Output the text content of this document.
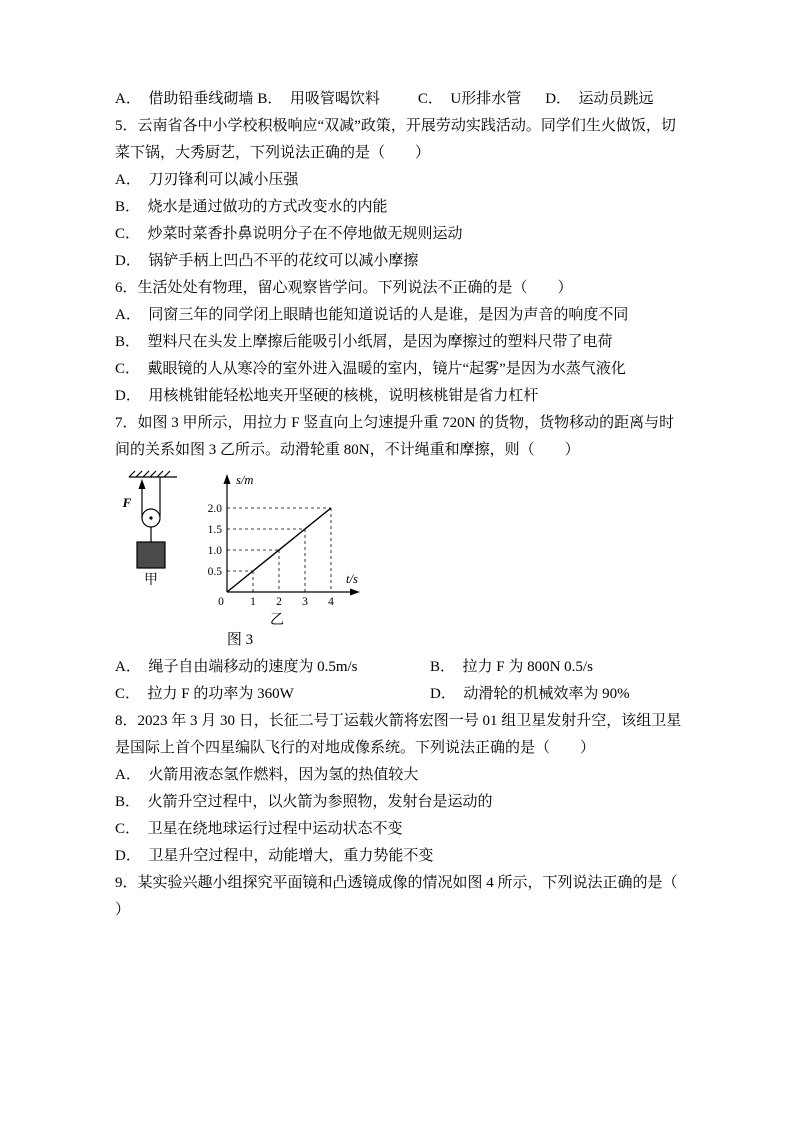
A．  借助铅垂线砌墙 B．  用吸管喝饮料	C．  U形排水管 D．  运动员跳远
5．云南省各中小学校积极响应“双减”政策，开展劳动实践活动。同学们生火做饭，切菜下锅，大秀厨艺，下列说法正确的是（　　）
A．  刀刃锋利可以减小压强
B．  烧水是通过做功的方式改变水的内能
C．  炒菜时菜香扑鼻说明分子在不停地做无规则运动
D．  锅铲手柄上凹凸不平的花纹可以减小摩擦
6．生活处处有物理，留心观察皆学问。下列说法不正确的是（　　）
A．  同窗三年的同学闭上眼睛也能知道说话的人是谁，是因为声音的响度不同
B．  塑料尺在头发上摩擦后能吸引小纸屑，是因为摩擦过的塑料尺带了电荷
C．  戴眼镜的人从寒冷的室外进入温暖的室内，镜片“起雾”是因为水蒸气液化
D．  用核桃钳能轻松地夹开坚硬的核桃，说明核桃钳是省力杠杆
7．如图 3 甲所示，用拉力 F 竖直向上匀速提升重 720N 的货物，货物移动的距离与时间的关系如图 3 乙所示。动滑轮重 80N，不计绳重和摩擦，则（　　）
F
甲
s/m
t/s
2.0
1.5
1.0
0.5
0 1 2 3 4
乙
图 3
A．  绳子自由端移动的速度为 0.5m/s	B．  拉力 F 为 800N 0.5/s
C．  拉力 F 的功率为 360W	D．  动滑轮的机械效率为 90%
8．2023 年 3 月 30 日，长征二号丁运载火箭将宏图一号 01 组卫星发射升空，该组卫星是国际上首个四星编队飞行的对地成像系统。下列说法正确的是（　　）
A．  火箭用液态氢作燃料，因为氢的热值较大
B．  火箭升空过程中，以火箭为参照物，发射台是运动的
C．  卫星在绕地球运行过程中运动状态不变
D．  卫星升空过程中，动能增大，重力势能不变
9．某实验兴趣小组探究平面镜和凸透镜成像的情况如图 4 所示，下列说法正确的是（
）
